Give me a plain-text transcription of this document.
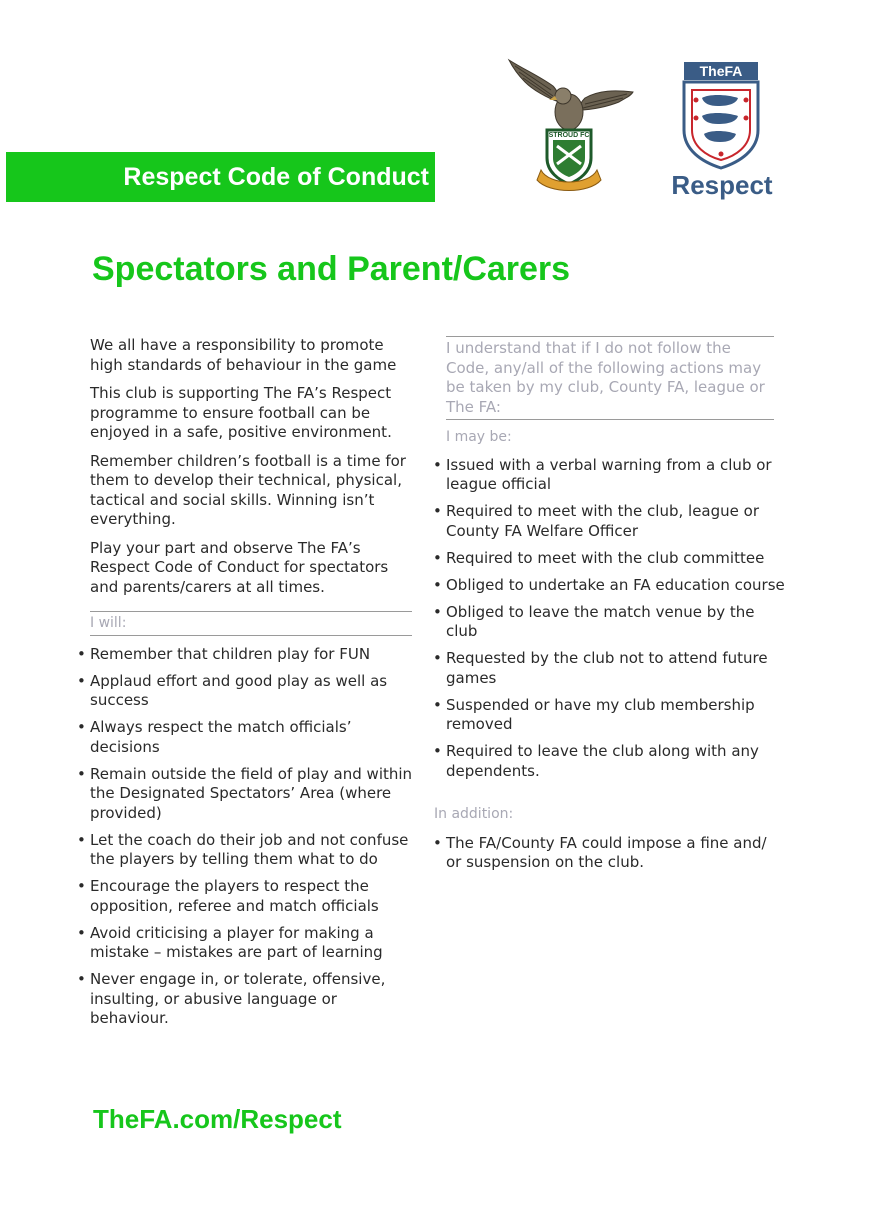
Respect Code of Conduct
STROUD FC
TheFA
Respect
Spectators and Parent/Carers

We all have a responsibility to promote high standards of behaviour in the game

This club is supporting The FA’s Respect programme to ensure football can be enjoyed in a safe, positive environment.

Remember children’s football is a time for them to develop their technical, physical, tactical and social skills. Winning isn’t everything.

Play your part and observe The FA’s Respect Code of Conduct for spectators and parents/carers at all times.

I will:
• Remember that children play for FUN
• Applaud effort and good play as well as success
• Always respect the match officials’ decisions
• Remain outside the field of play and within the Designated Spectators’ Area (where provided)
• Let the coach do their job and not confuse the players by telling them what to do
• Encourage the players to respect the opposition, referee and match officials
• Avoid criticising a player for making a mistake – mistakes are part of learning
• Never engage in, or tolerate, offensive, insulting, or abusive language or behaviour.
I understand that if I do not follow the Code, any/all of the following actions may be taken by my club, County FA, league or The FA:
I may be:
• Issued with a verbal warning from a club or league official
• Required to meet with the club, league or County FA Welfare Officer
• Required to meet with the club committee
• Obliged to undertake an FA education course
• Obliged to leave the match venue by the club
• Requested by the club not to attend future games
• Suspended or have my club membership removed
• Required to leave the club along with any dependents.
In addition:
• The FA/County FA could impose a fine and/ or suspension on the club.
TheFA.com/Respect
